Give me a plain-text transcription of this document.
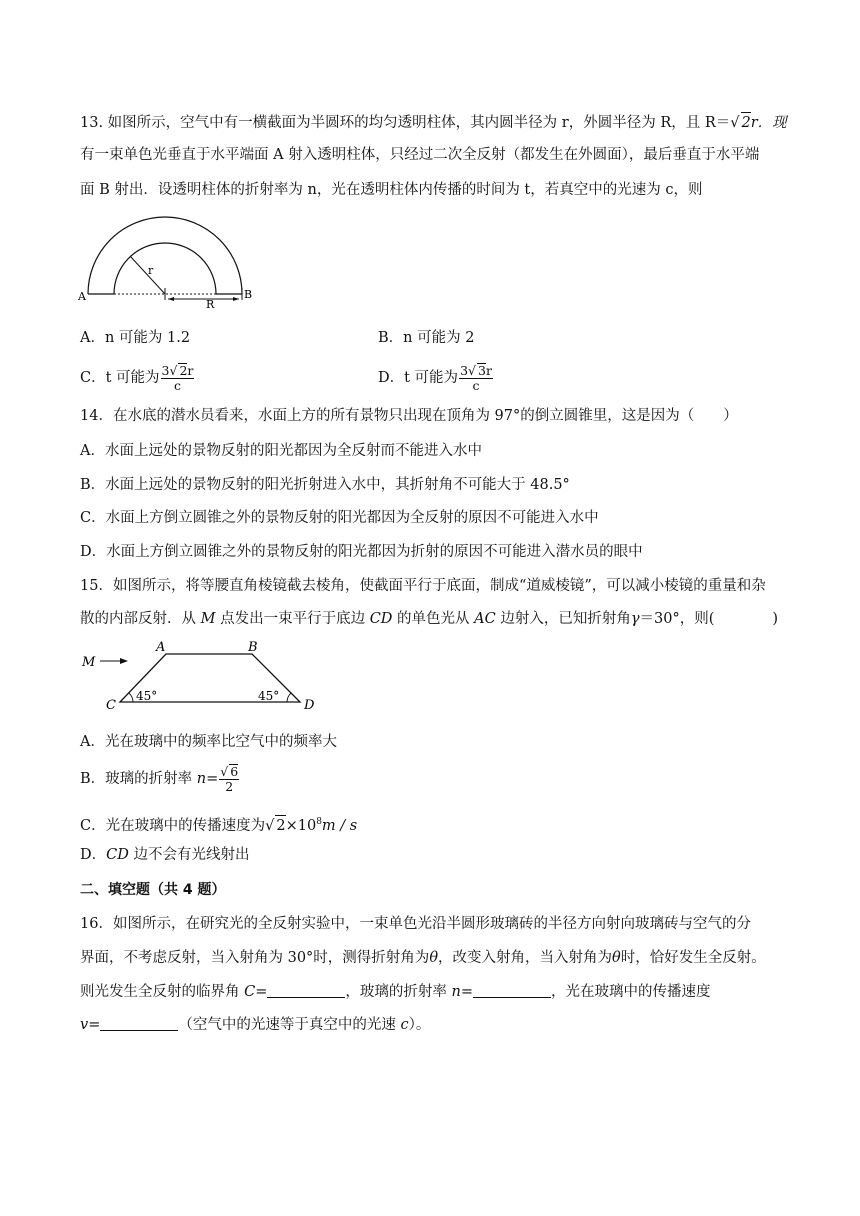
13. 如图所示，空气中有一横截面为半圆环的均匀透明柱体，其内圆半径为 r，外圆半径为 R，且 R＝√ 2r．现
有一束单色光垂直于水平端面 A 射入透明柱体，只经过二次全反射（都发生在外圆面），最后垂直于水平端
面 B 射出．设透明柱体的折射率为 n，光在透明柱体内传播的时间为 t，若真空中的光速为 c，则
r
R
A	B
A．n 可能为 1.2	B．n 可能为 2
C．t 可能为 $\frac{3√ 2r}{c}$	D．t 可能为 $\frac{3√ 3r}{c}$
14．在水底的潜水员看来，水面上方的所有景物只出现在顶角为 97°的倒立圆锥里，这是因为（　　）
A．水面上远处的景物反射的阳光都因为全反射而不能进入水中
B．水面上远处的景物反射的阳光折射进入水中，其折射角不可能大于 48.5°
C．水面上方倒立圆锥之外的景物反射的阳光都因为全反射的原因不可能进入水中
D．水面上方倒立圆锥之外的景物反射的阳光都因为折射的原因不可能进入潜水员的眼中
15．如图所示，将等腰直角棱镜截去棱角，使截面平行于底面，制成“道威棱镜”，可以减小棱镜的重量和杂
散的内部反射．从 M 点发出一束平行于底边 CD 的单色光从 AC 边射入，已知折射角γ＝30°，则(　　　　)
M
A	B
C	D
45°	45°
A．光在玻璃中的频率比空气中的频率大
B．玻璃的折射率 $n= \frac{√ 6}{2}$
C．光在玻璃中的传播速度为√ $2\times 10^8m / s$
D．CD 边不会有光线射出
二、填空题（共 4 题）
16．如图所示，在研究光的全反射实验中，一束单色光沿半圆形玻璃砖的半径方向射向玻璃砖与空气的分
界面，不考虑反射，当入射角为 30°时，测得折射角为θ，改变入射角，当入射角为θ时，恰好发生全反射。
则光发生全反射的临界角 C=	，玻璃的折射率 n=	，光在玻璃中的传播速度
v=	（空气中的光速等于真空中的光速 c）。
